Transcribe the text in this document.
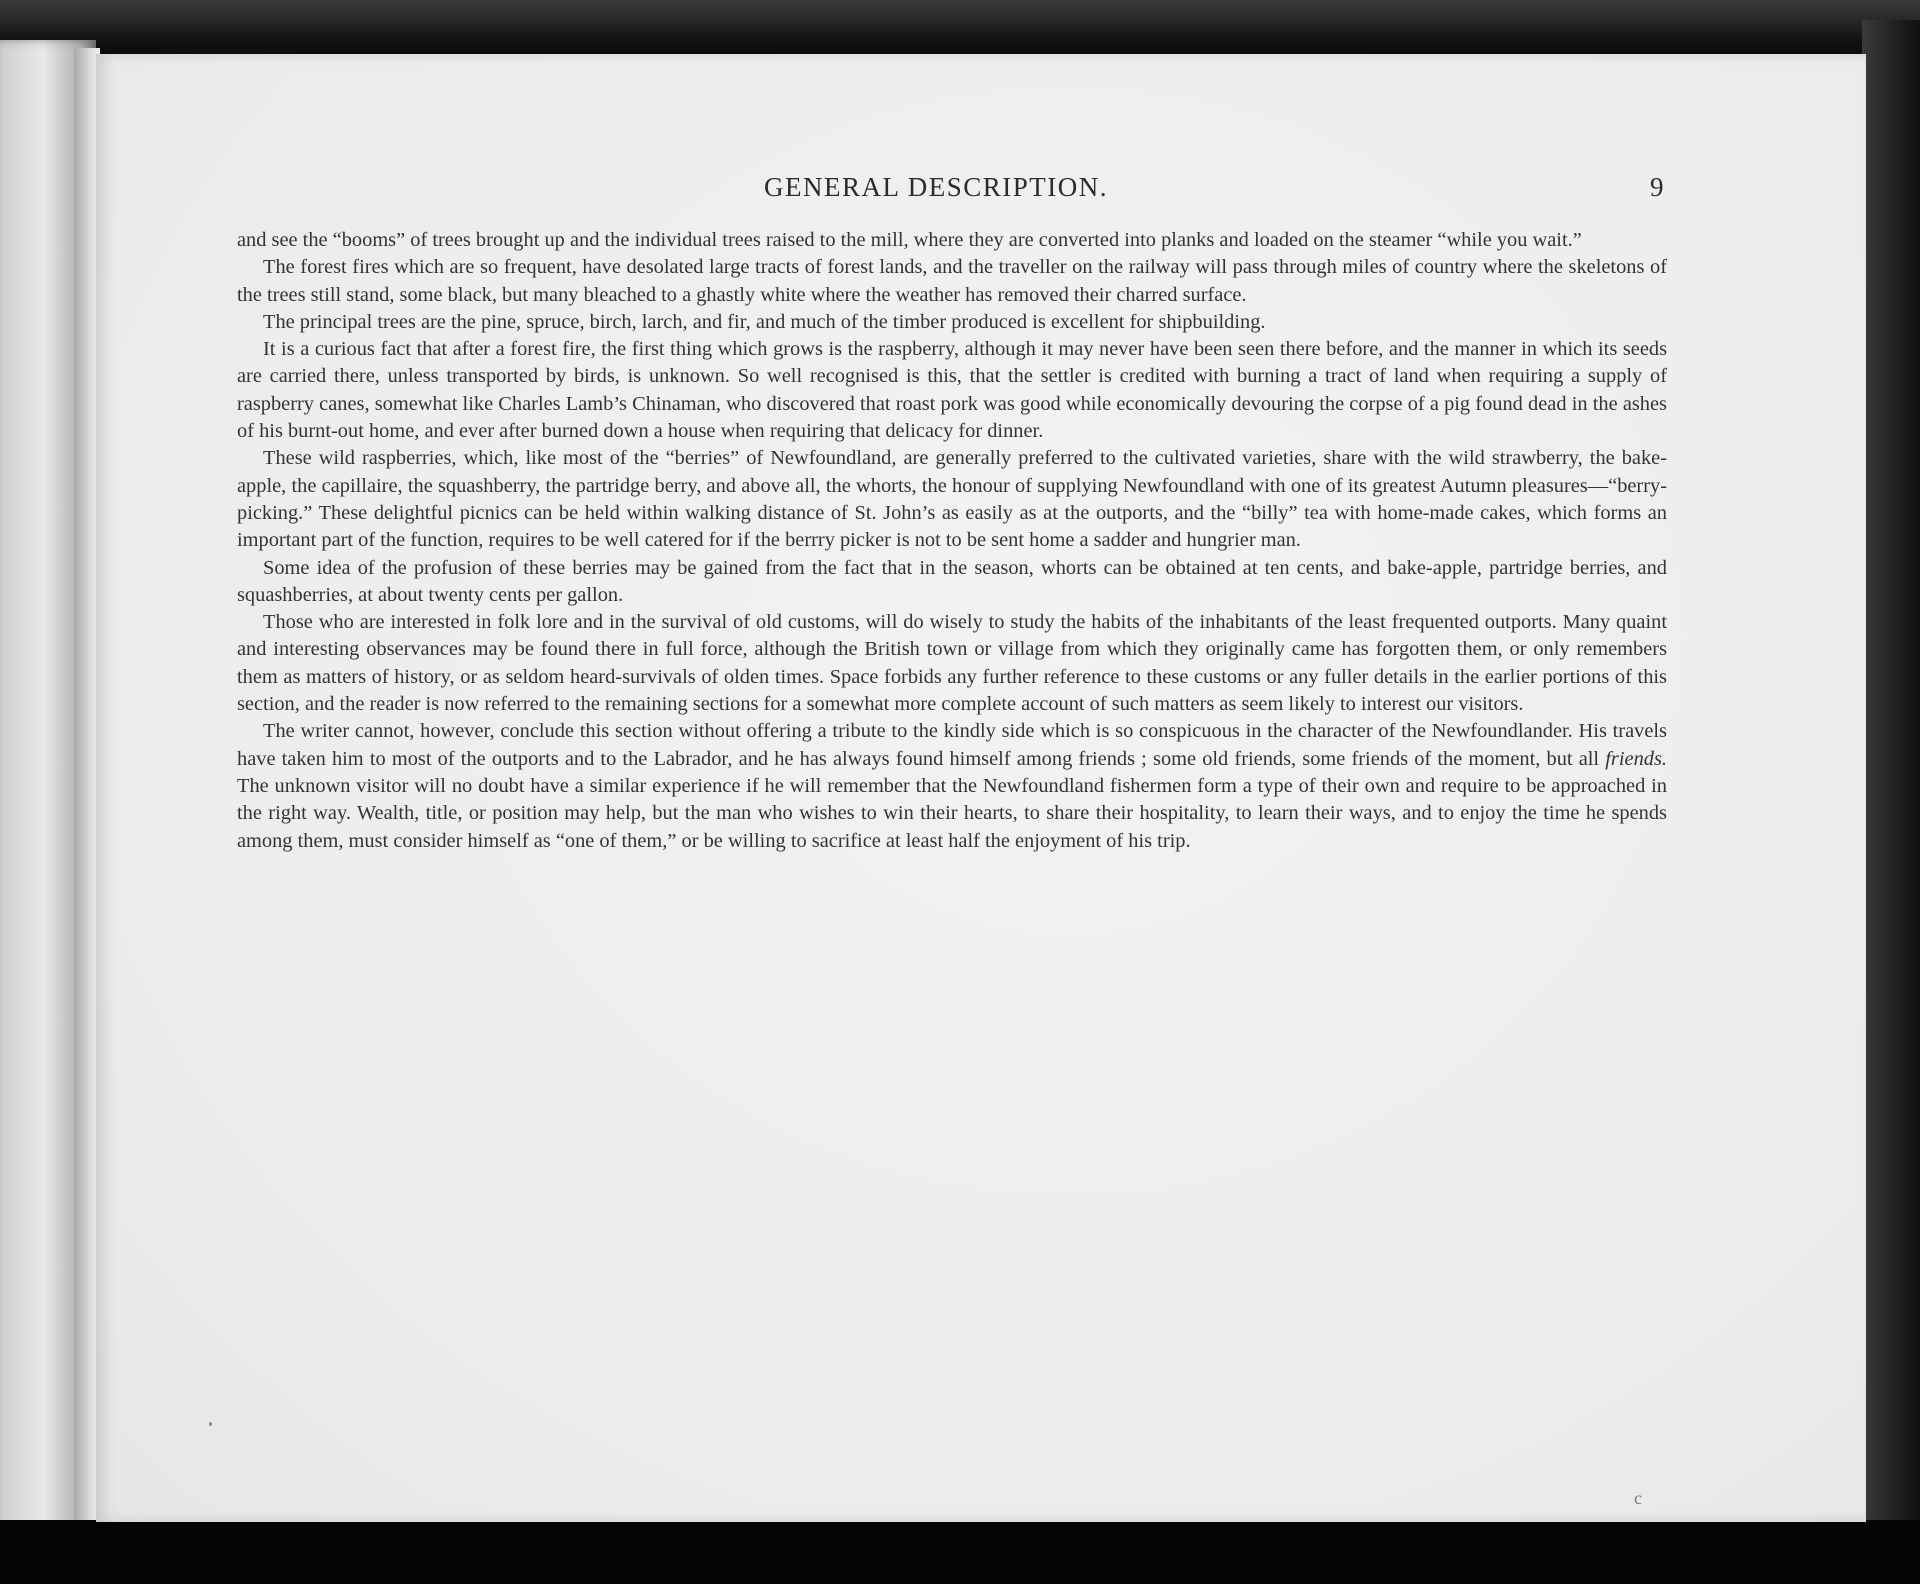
GENERAL DESCRIPTION.	9

and see the “booms” of trees brought up and the individual trees raised to the mill, where they are converted into planks and loaded on the steamer “while you wait.”

The forest fires which are so frequent, have desolated large tracts of forest lands, and the traveller on the railway will pass through miles of country where the skeletons of the trees still stand, some black, but many bleached to a ghastly white where the weather has removed their charred surface.

The principal trees are the pine, spruce, birch, larch, and fir, and much of the timber produced is excellent for shipbuilding.

It is a curious fact that after a forest fire, the first thing which grows is the raspberry, although it may never have been seen there before, and the manner in which its seeds are carried there, unless transported by birds, is unknown. So well recognised is this, that the settler is credited with burning a tract of land when requiring a supply of raspberry canes, somewhat like Charles Lamb’s Chinaman, who discovered that roast pork was good while economically devouring the corpse of a pig found dead in the ashes of his burnt-out home, and ever after burned down a house when requiring that delicacy for dinner.

These wild raspberries, which, like most of the “berries” of Newfoundland, are generally preferred to the cultivated varieties, share with the wild strawberry, the bake-apple, the capillaire, the squashberry, the partridge berry, and above all, the whorts, the honour of supplying Newfoundland with one of its greatest Autumn pleasures—“berry-picking.” These delightful picnics can be held within walking distance of St. John’s as easily as at the outports, and the “billy” tea with home-made cakes, which forms an important part of the function, requires to be well catered for if the berrry picker is not to be sent home a sadder and hungrier man.

Some idea of the profusion of these berries may be gained from the fact that in the season, whorts can be obtained at ten cents, and bake-apple, partridge berries, and squashberries, at about twenty cents per gallon.

Those who are interested in folk lore and in the survival of old customs, will do wisely to study the habits of the inhabitants of the least frequented outports. Many quaint and interesting observances may be found there in full force, although the British town or village from which they originally came has forgotten them, or only remembers them as matters of history, or as seldom heard-survivals of olden times. Space forbids any further reference to these customs or any fuller details in the earlier portions of this section, and the reader is now referred to the remaining sections for a somewhat more complete account of such matters as seem likely to interest our visitors.

The writer cannot, however, conclude this section without offering a tribute to the kindly side which is so conspicuous in the character of the Newfoundlander. His travels have taken him to most of the outports and to the Labrador, and he has always found himself among friends ; some old friends, some friends of the moment, but all friends. The unknown visitor will no doubt have a similar experience if he will remember that the Newfoundland fishermen form a type of their own and require to be approached in the right way. Wealth, title, or position may help, but the man who wishes to win their hearts, to share their hospitality, to learn their ways, and to enjoy the time he spends among them, must consider himself as “one of them,” or be willing to sacrifice at least half the enjoyment of his trip.

c
